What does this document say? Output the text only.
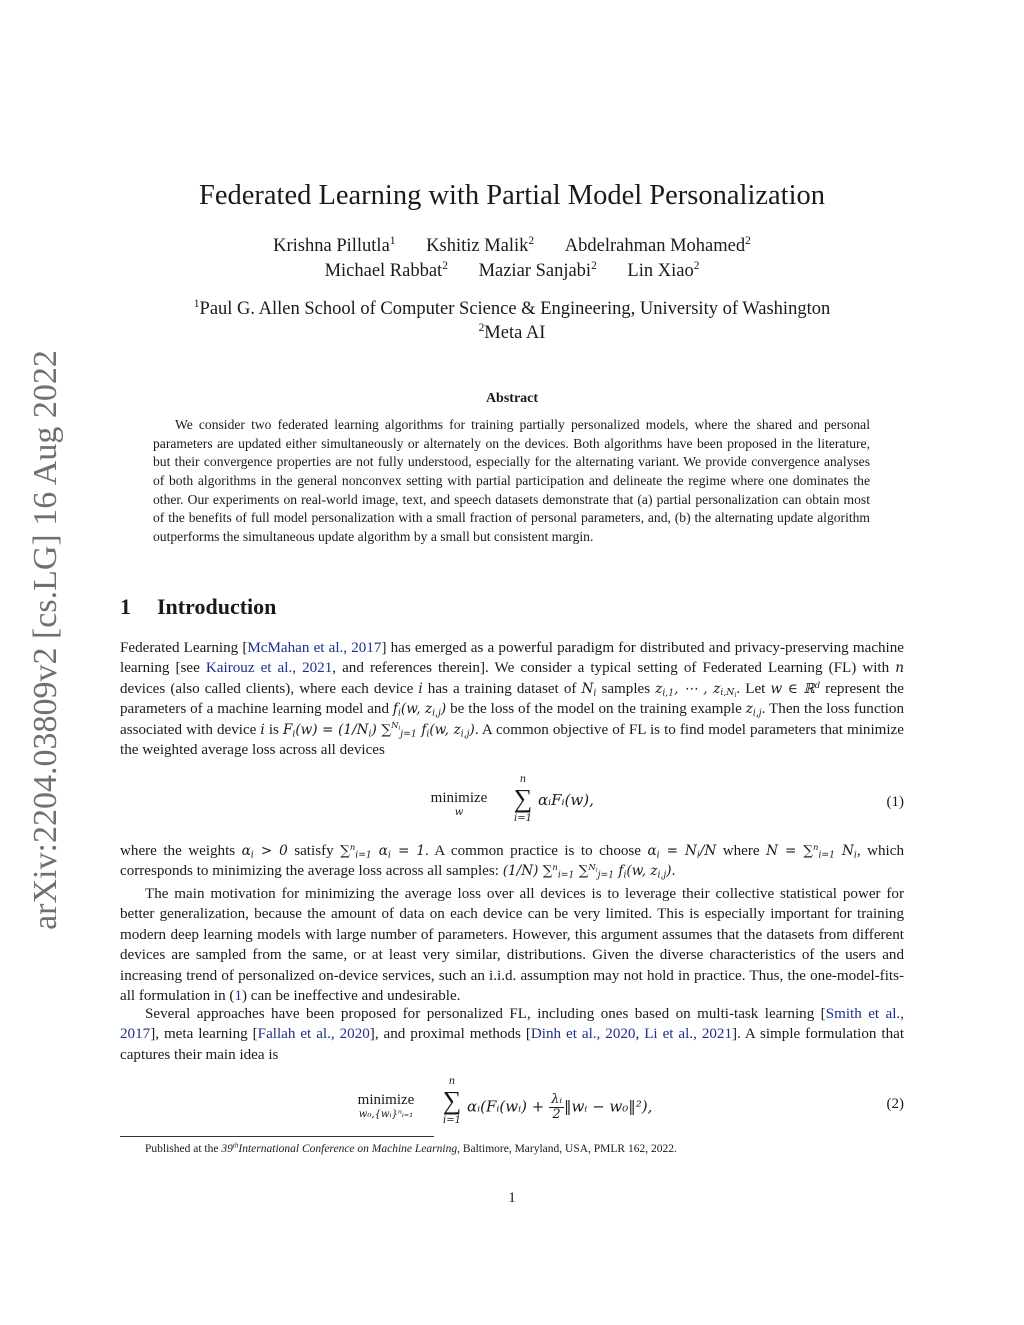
arXiv:2204.03809v2 [cs.LG] 16 Aug 2022
Federated Learning with Partial Model Personalization
Krishna Pillutla$^1$ Kshitiz Malik$^2$ Abdelrahman Mohamed$^2$
Michael Rabbat$^2$ Maziar Sanjabi$^2$ Lin Xiao$^2$
$^1$Paul G. Allen School of Computer Science & Engineering, University of Washington
$^2$Meta AI
Abstract
We consider two federated learning algorithms for training partially personalized models, where the shared and personal parameters are updated either simultaneously or alternately on the devices. Both algorithms have been proposed in the literature, but their convergence properties are not fully understood, especially for the alternating variant. We provide convergence analyses of both algorithms in the general nonconvex setting with partial participation and delineate the regime where one dominates the other. Our experiments on real-world image, text, and speech datasets demonstrate that (a) partial personalization can obtain most of the benefits of full model personalization with a small fraction of personal parameters, and, (b) the alternating update algorithm outperforms the simultaneous update algorithm by a small but consistent margin.
1 Introduction
Federated Learning [McMahan et al., 2017] has emerged as a powerful paradigm for distributed and privacy-preserving machine learning [see Kairouz et al., 2021, and references therein]. We consider a typical setting of Federated Learning (FL) with n devices (also called clients), where each device i has a training dataset of $N_i$ samples $z_{i,1}$, ⋯ , $z_{i,N_i}$. Let w ∈ ℝ$^d$ represent the parameters of a machine learning model and $f_i(w$, $z_{i,j}$) be the loss of the model on the training example $z_{i,j}$. Then the loss function associated with device i is $F_i(w) = (1/N_i)$ ∑$^{N_i}_{j=1}$ $f_i(w$, $z_{i,j}$). A common objective of FL is to find model parameters that minimize the weighted average loss across all devices
minimize
w
n
∑
i=1
αᵢFᵢ(w),	(1)
where the weights $\alpha_i > 0$ satisfy ∑$^n_{i=1}$ $\alpha_i = 1$. A common practice is to choose $\alpha_i = N_i/N$ where N = ∑$^n_{i=1}$ $N_i$, which corresponds to minimizing the average loss across all samples: (1/N) ∑$^n_{i=1}$ ∑$^{N_i}_{j=1}$ $f_i(w$, $z_{i,j}$).
The main motivation for minimizing the average loss over all devices is to leverage their collective statistical power for better generalization, because the amount of data on each device can be very limited. This is especially important for training modern deep learning models with large number of parameters. However, this argument assumes that the datasets from different devices are sampled from the same, or at least very similar, distributions. Given the diverse characteristics of the users and increasing trend of personalized on-device services, such an i.i.d. assumption may not hold in practice. Thus, the one-model-fits-all formulation in (1) can be ineffective and undesirable.
Several approaches have been proposed for personalized FL, including ones based on multi-task learning [Smith et al., 2017], meta learning [Fallah et al., 2020], and proximal methods [Dinh et al., 2020, Li et al., 2021]. A simple formulation that captures their main idea is
minimize
w₀,{wᵢ}ⁿᵢ₌₁
n
∑
i=1
αᵢ(Fᵢ(wᵢ) + $\frac{\text{λᵢ}}{2}‖wᵢ$ − w₀‖²),	(2)
Published at the 39thInternational Conference on Machine Learning, Baltimore, Maryland, USA, PMLR 162, 2022.
1
